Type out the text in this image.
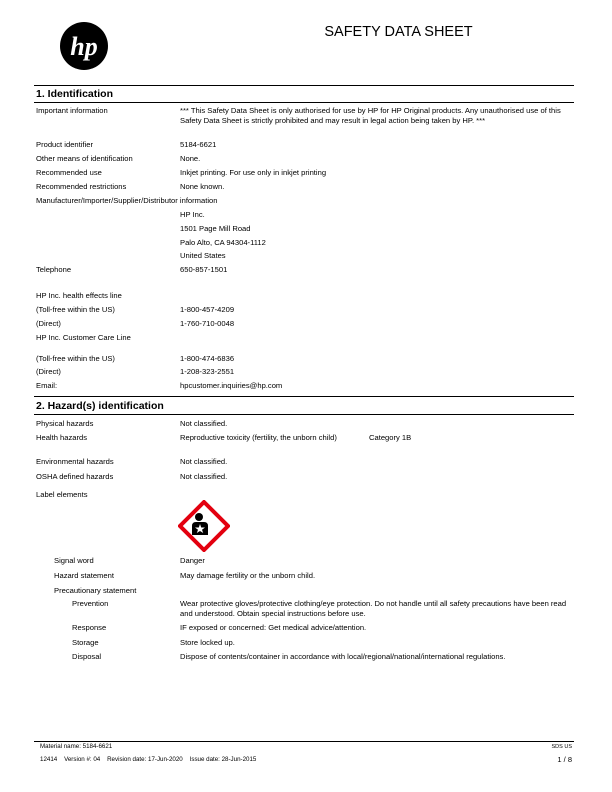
hp	SAFETY DATA SHEET
1. Identification
Important information	*** This Safety Data Sheet is only authorised for use by HP for HP Original products. Any unauthorised use of this Safety Data Sheet is strictly prohibited and may result in legal action being taken by HP. ***
Product identifier	5184-6621
Other means of identification	None.
Recommended use	Inkjet printing. For use only in inkjet printing
Recommended restrictions	None known.
Manufacturer/Importer/Supplier/Distributor information
HP Inc.
1501 Page Mill Road
Palo Alto, CA 94304-1112
United States
Telephone	650-857-1501
HP Inc. health effects line
(Toll-free within the US)	1-800-457-4209
(Direct)	1-760-710-0048
HP Inc. Customer Care Line
(Toll-free within the US)	1-800-474-6836
(Direct)	1-208-323-2551
Email:	hpcustomer.inquiries@hp.com
2. Hazard(s) identification
Physical hazards	Not classified.
Health hazards	Reproductive toxicity (fertility, the unborn child)	Category 1B
Environmental hazards	Not classified.
OSHA defined hazards	Not classified.
Label elements
Signal word	Danger
Hazard statement	May damage fertility or the unborn child.
Precautionary statement
Prevention	Wear protective gloves/protective clothing/eye protection. Do not handle until all safety precautions have been read and understood. Obtain special instructions before use.
Response	IF exposed or concerned: Get medical advice/attention.
Storage	Store locked up.
Disposal	Dispose of contents/container in accordance with local/regional/national/international regulations.
Material name: 5184-6621	SDS US
12414    Version #: 04    Revision date: 17-Jun-2020    Issue date: 28-Jun-2015	1 / 8
